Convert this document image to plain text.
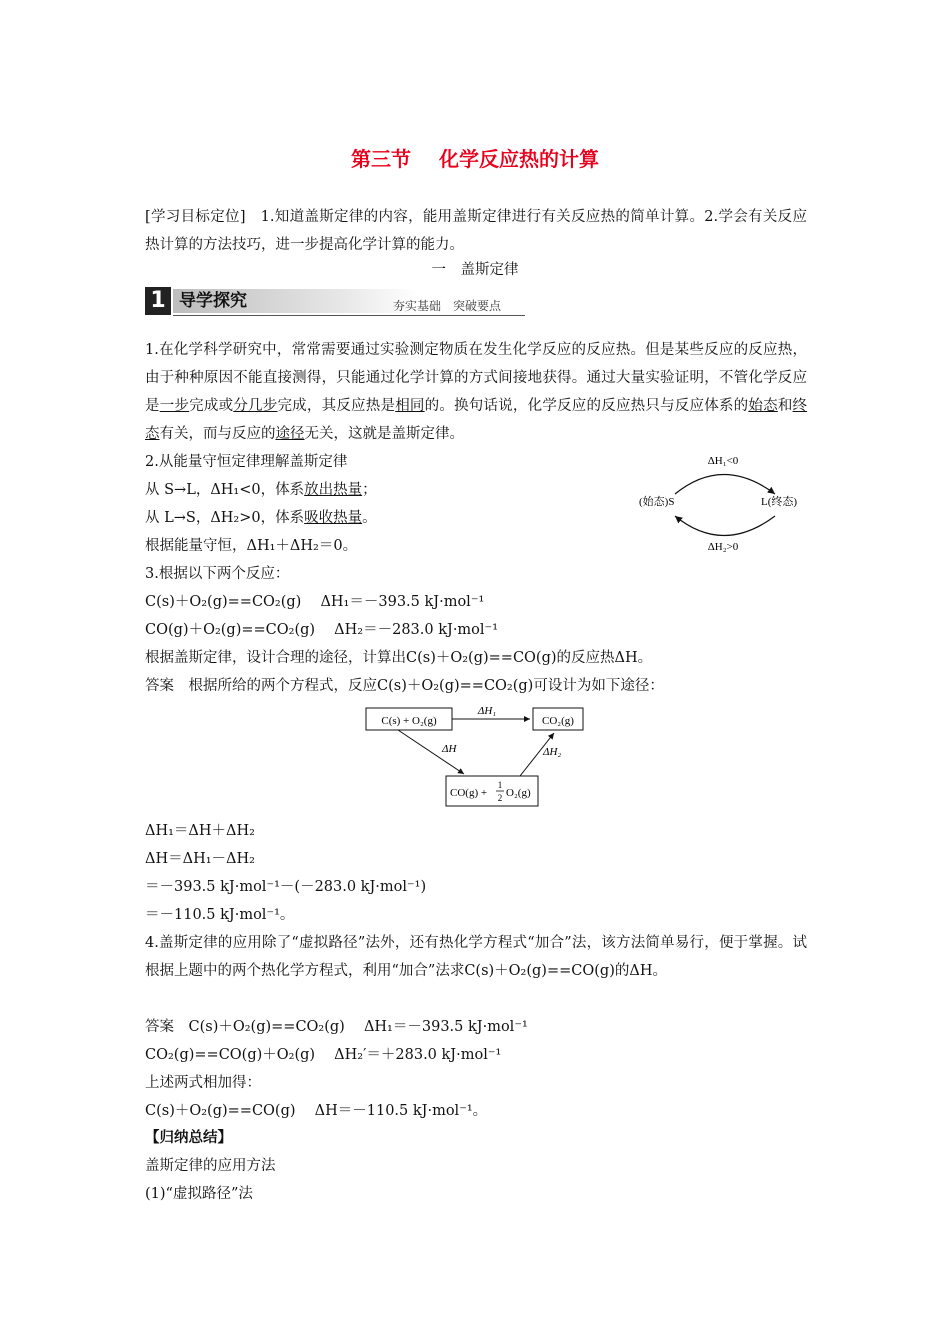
第三节 化学反应热的计算
[学习目标定位]　1.知道盖斯定律的内容，能用盖斯定律进行有关反应热的简单计算。2.学会有关反应热计算的方法技巧，进一步提高化学计算的能力。
一　盖斯定律
1 导学探究	夯实基础　突破要点
1.在化学科学研究中，常常需要通过实验测定物质在发生化学反应的反应热。但是某些反应的反应热，由于种种原因不能直接测得，只能通过化学计算的方式间接地获得。通过大量实验证明，不管化学反应是一步完成或分几步完成，其反应热是相同的。换句话说，化学反应的反应热只与反应体系的始态和终态有关，而与反应的途径无关，这就是盖斯定律。
2.从能量守恒定律理解盖斯定律
从 S→L，ΔH₁<0，体系放出热量；
从 L→S，ΔH₂>0，体系吸收热量。
根据能量守恒，ΔH₁＋ΔH₂＝0。
ΔH₁<0
(始态)S	L(终态)
ΔH₂>0
3.根据以下两个反应：
C(s)＋O₂(g)==CO₂(g)　 ΔH₁＝－393.5 kJ·mol⁻¹
CO(g)＋O₂(g)==CO₂(g)　 ΔH₂＝－283.0 kJ·mol⁻¹
根据盖斯定律，设计合理的途径，计算出C(s)＋O₂(g)==CO(g)的反应热ΔH。
答案　根据所给的两个方程式，反应C(s)＋O₂(g)==CO₂(g)可设计为如下途径：
C(s) + O₂(g)	CO₂(g)
ΔH₁
CO(g) +
1
2 O₂(g)
ΔH	ΔH₂
ΔH₁＝ΔH＋ΔH₂
ΔH＝ΔH₁－ΔH₂
＝－393.5 kJ·mol⁻¹－(－283.0 kJ·mol⁻¹)
＝－110.5 kJ·mol⁻¹。
4.盖斯定律的应用除了“虚拟路径”法外，还有热化学方程式“加合”法，该方法简单易行，便于掌握。试根据上题中的两个热化学方程式，利用“加合”法求C(s)＋O₂(g)==CO(g)的ΔH。
答案　C(s)＋O₂(g)==CO₂(g)　 ΔH₁＝－393.5 kJ·mol⁻¹
CO₂(g)==CO(g)＋O₂(g)　 ΔH₂′＝＋283.0 kJ·mol⁻¹
上述两式相加得：
C(s)＋O₂(g)==CO(g)　 ΔH＝－110.5 kJ·mol⁻¹。
【归纳总结】
盖斯定律的应用方法
(1)“虚拟路径”法
